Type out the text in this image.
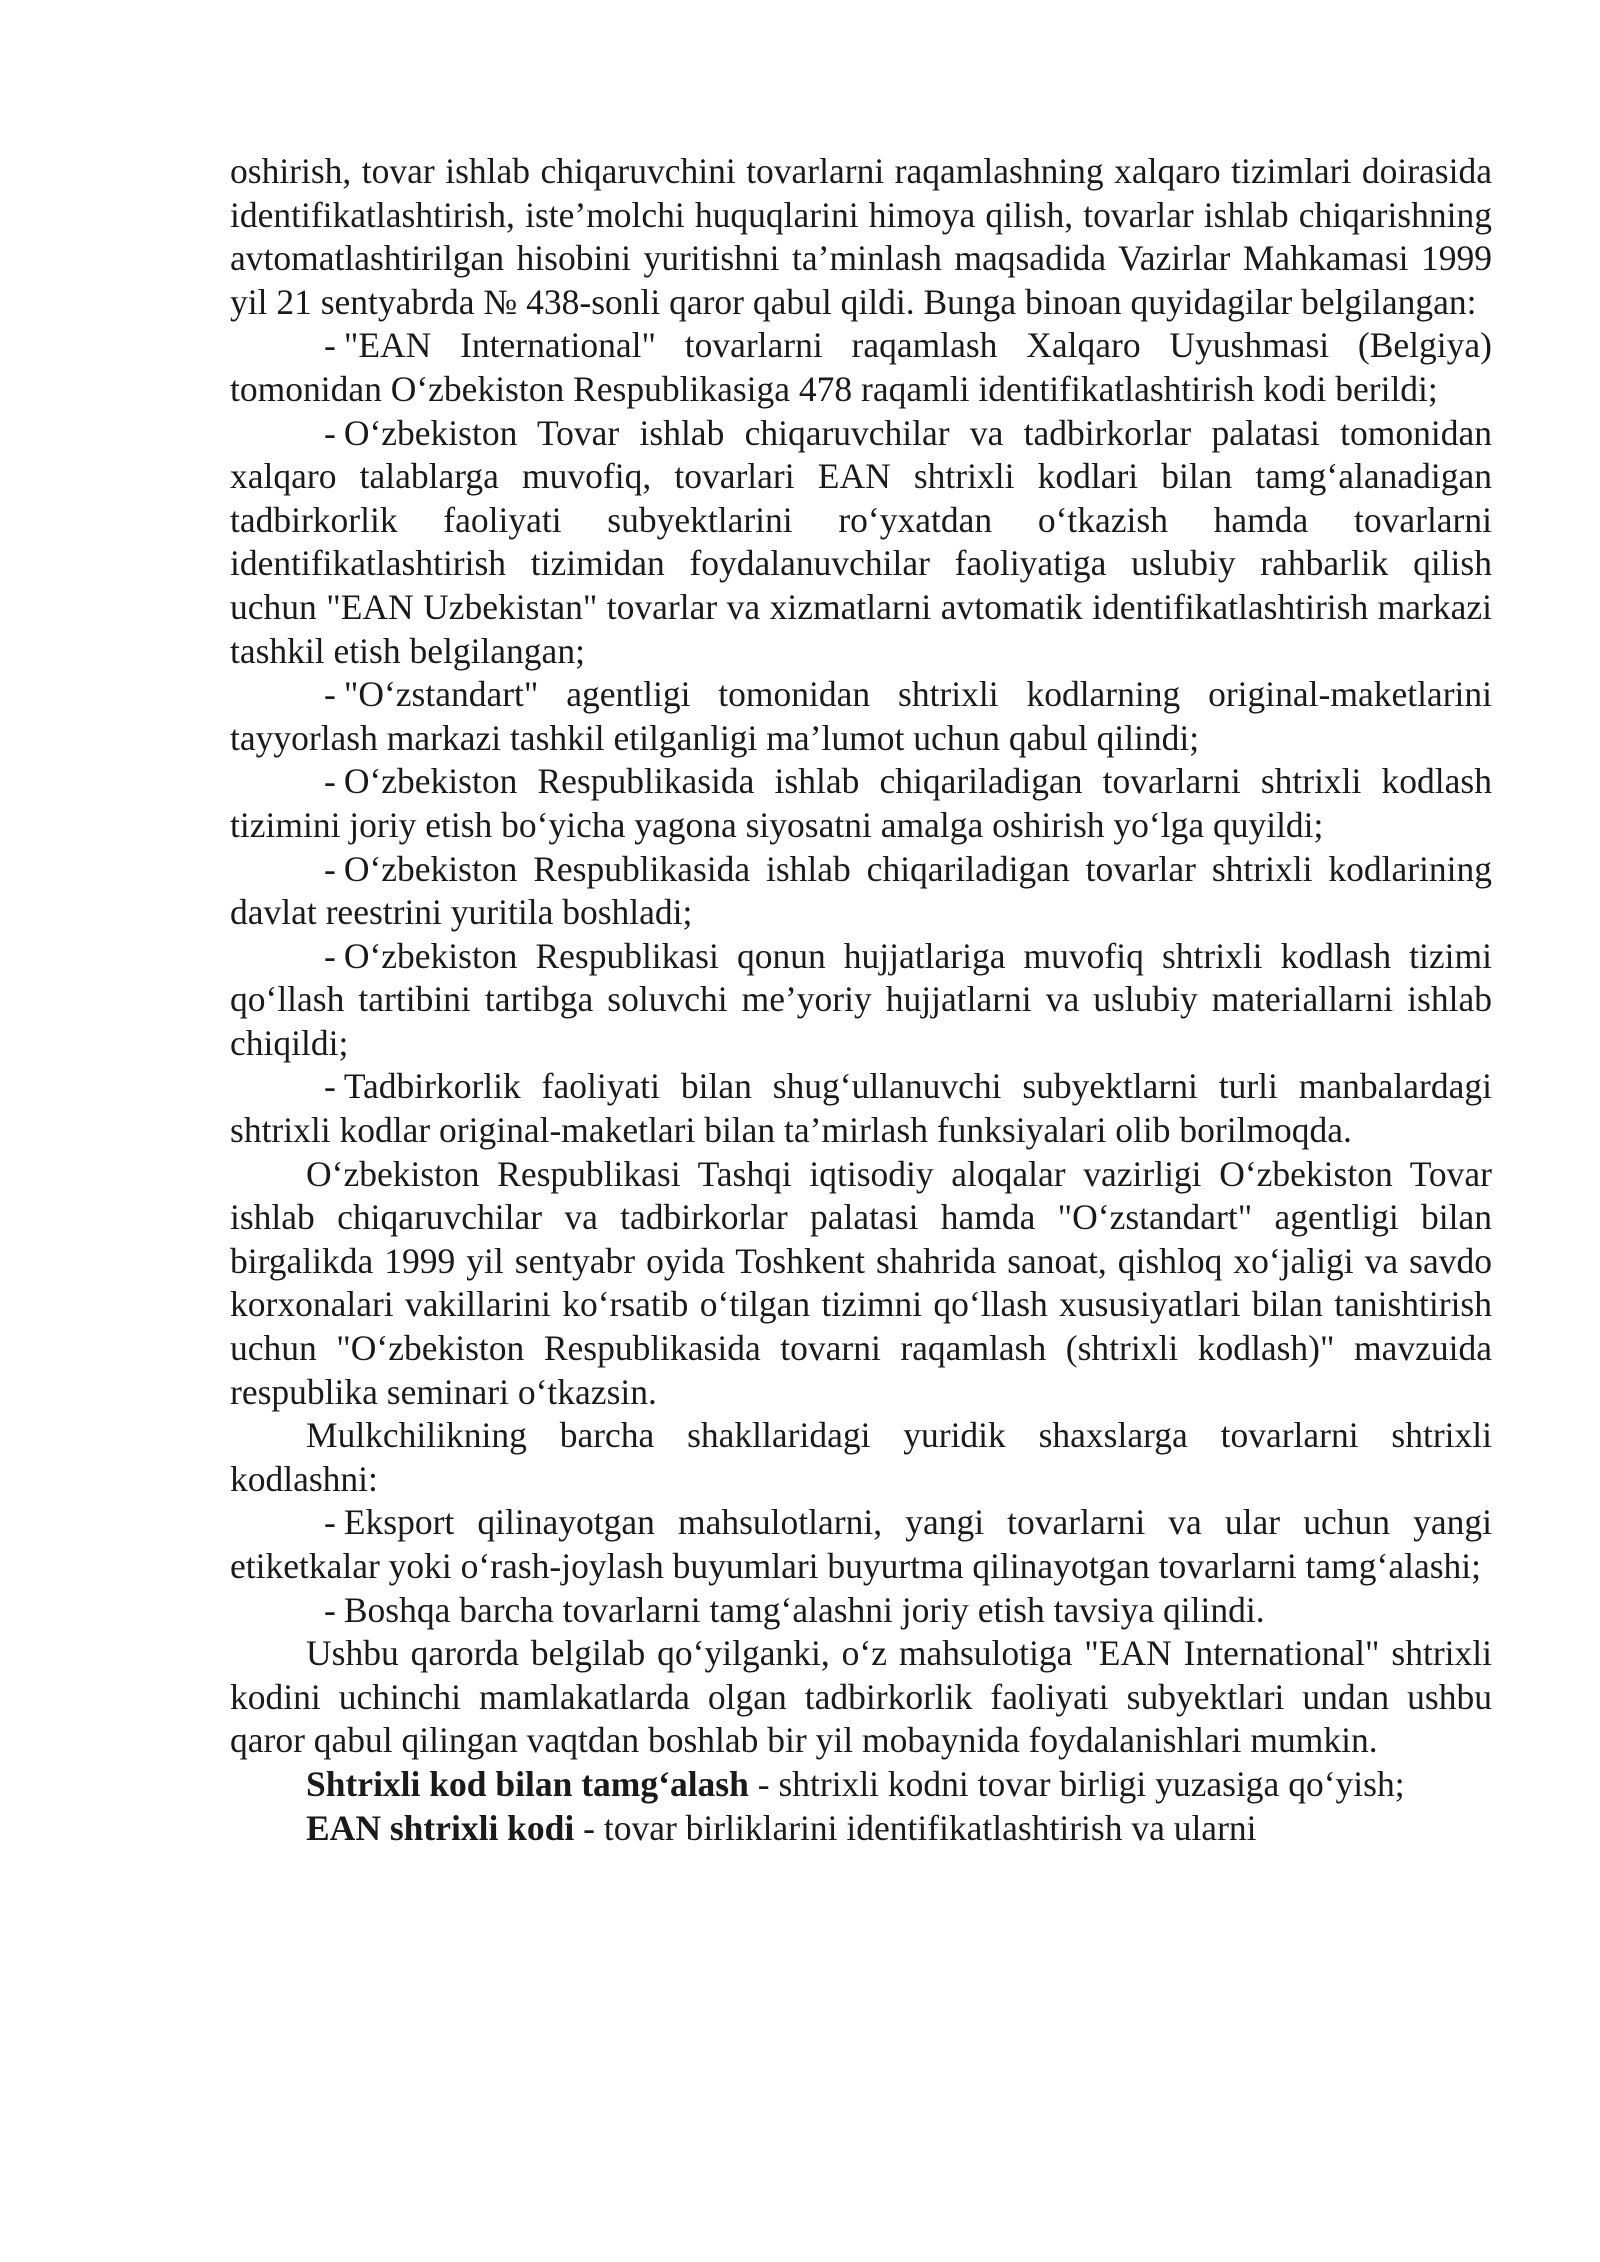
oshirish, tovar ishlab chiqaruvchini tovarlarni raqamlashning xalqaro tizimlari doirasida identifikatlashtirish, iste’molchi huquqlarini himoya qilish, tovarlar ishlab chiqarishning avtomatlashtirilgan hisobini yuritishni ta’minlash maqsadida Vazirlar Mahkamasi 1999 yil 21 sentyabrda № 438-sonli qaror qabul qildi. Bunga binoan quyidagilar belgilangan:

- "EAN International" tovarlarni raqamlash Xalqaro Uyushmasi (Belgiya) tomonidan O‘zbekiston Respublikasiga 478 raqamli identifikatlashtirish kodi berildi;

- O‘zbekiston Tovar ishlab chiqaruvchilar va tadbirkorlar palatasi tomonidan xalqaro talablarga muvofiq, tovarlari EAN shtrixli kodlari bilan tamg‘alanadigan tadbirkorlik faoliyati subyektlarini ro‘yxatdan o‘tkazish hamda tovarlarni identifikatlashtirish tizimidan foydalanuvchilar faoliyatiga uslubiy rahbarlik qilish uchun "EAN Uzbekistan" tovarlar va xizmatlarni avtomatik identifikatlashtirish markazi tashkil etish belgilangan;

- "O‘zstandart" agentligi tomonidan shtrixli kodlarning original-maketlarini tayyorlash markazi tashkil etilganligi ma’lumot uchun qabul qilindi;

- O‘zbekiston Respublikasida ishlab chiqariladigan tovarlarni shtrixli kodlash tizimini joriy etish bo‘yicha yagona siyosatni amalga oshirish yo‘lga quyildi;

- O‘zbekiston Respublikasida ishlab chiqariladigan tovarlar shtrixli kodlarining davlat reestrini yuritila boshladi;

- O‘zbekiston Respublikasi qonun hujjatlariga muvofiq shtrixli kodlash tizimi qo‘llash tartibini tartibga soluvchi me’yoriy hujjatlarni va uslubiy materiallarni ishlab chiqildi;

- Tadbirkorlik faoliyati bilan shug‘ullanuvchi subyektlarni turli manbalardagi shtrixli kodlar original-maketlari bilan ta’mirlash funksiyalari olib borilmoqda.

O‘zbekiston Respublikasi Tashqi iqtisodiy aloqalar vazirligi O‘zbekiston Tovar ishlab chiqaruvchilar va tadbirkorlar palatasi hamda "O‘zstandart" agentligi bilan birgalikda 1999 yil sentyabr oyida Toshkent shahrida sanoat, qishloq xo‘jaligi va savdo korxonalari vakillarini ko‘rsatib o‘tilgan tizimni qo‘llash xususiyatlari bilan tanishtirish uchun "O‘zbekiston Respublikasida tovarni raqamlash (shtrixli kodlash)" mavzuida respublika seminari o‘tkazsin.

Mulkchilikning barcha shakllaridagi yuridik shaxslarga tovarlarni shtrixli kodlashni:

- Eksport qilinayotgan mahsulotlarni, yangi tovarlarni va ular uchun yangi etiketkalar yoki o‘rash-joylash buyumlari buyurtma qilinayotgan tovarlarni tamg‘alashi;

- Boshqa barcha tovarlarni tamg‘alashni joriy etish tavsiya qilindi.

Ushbu qarorda belgilab qo‘yilganki, o‘z mahsulotiga "EAN International" shtrixli kodini uchinchi mamlakatlarda olgan tadbirkorlik faoliyati subyektlari undan ushbu qaror qabul qilingan vaqtdan boshlab bir yil mobaynida foydalanishlari mumkin.

Shtrixli kod bilan tamg‘alash - shtrixli kodni tovar birligi yuzasiga qo‘yish;

EAN shtrixli kodi - tovar birliklarini identifikatlashtirish va ularni
